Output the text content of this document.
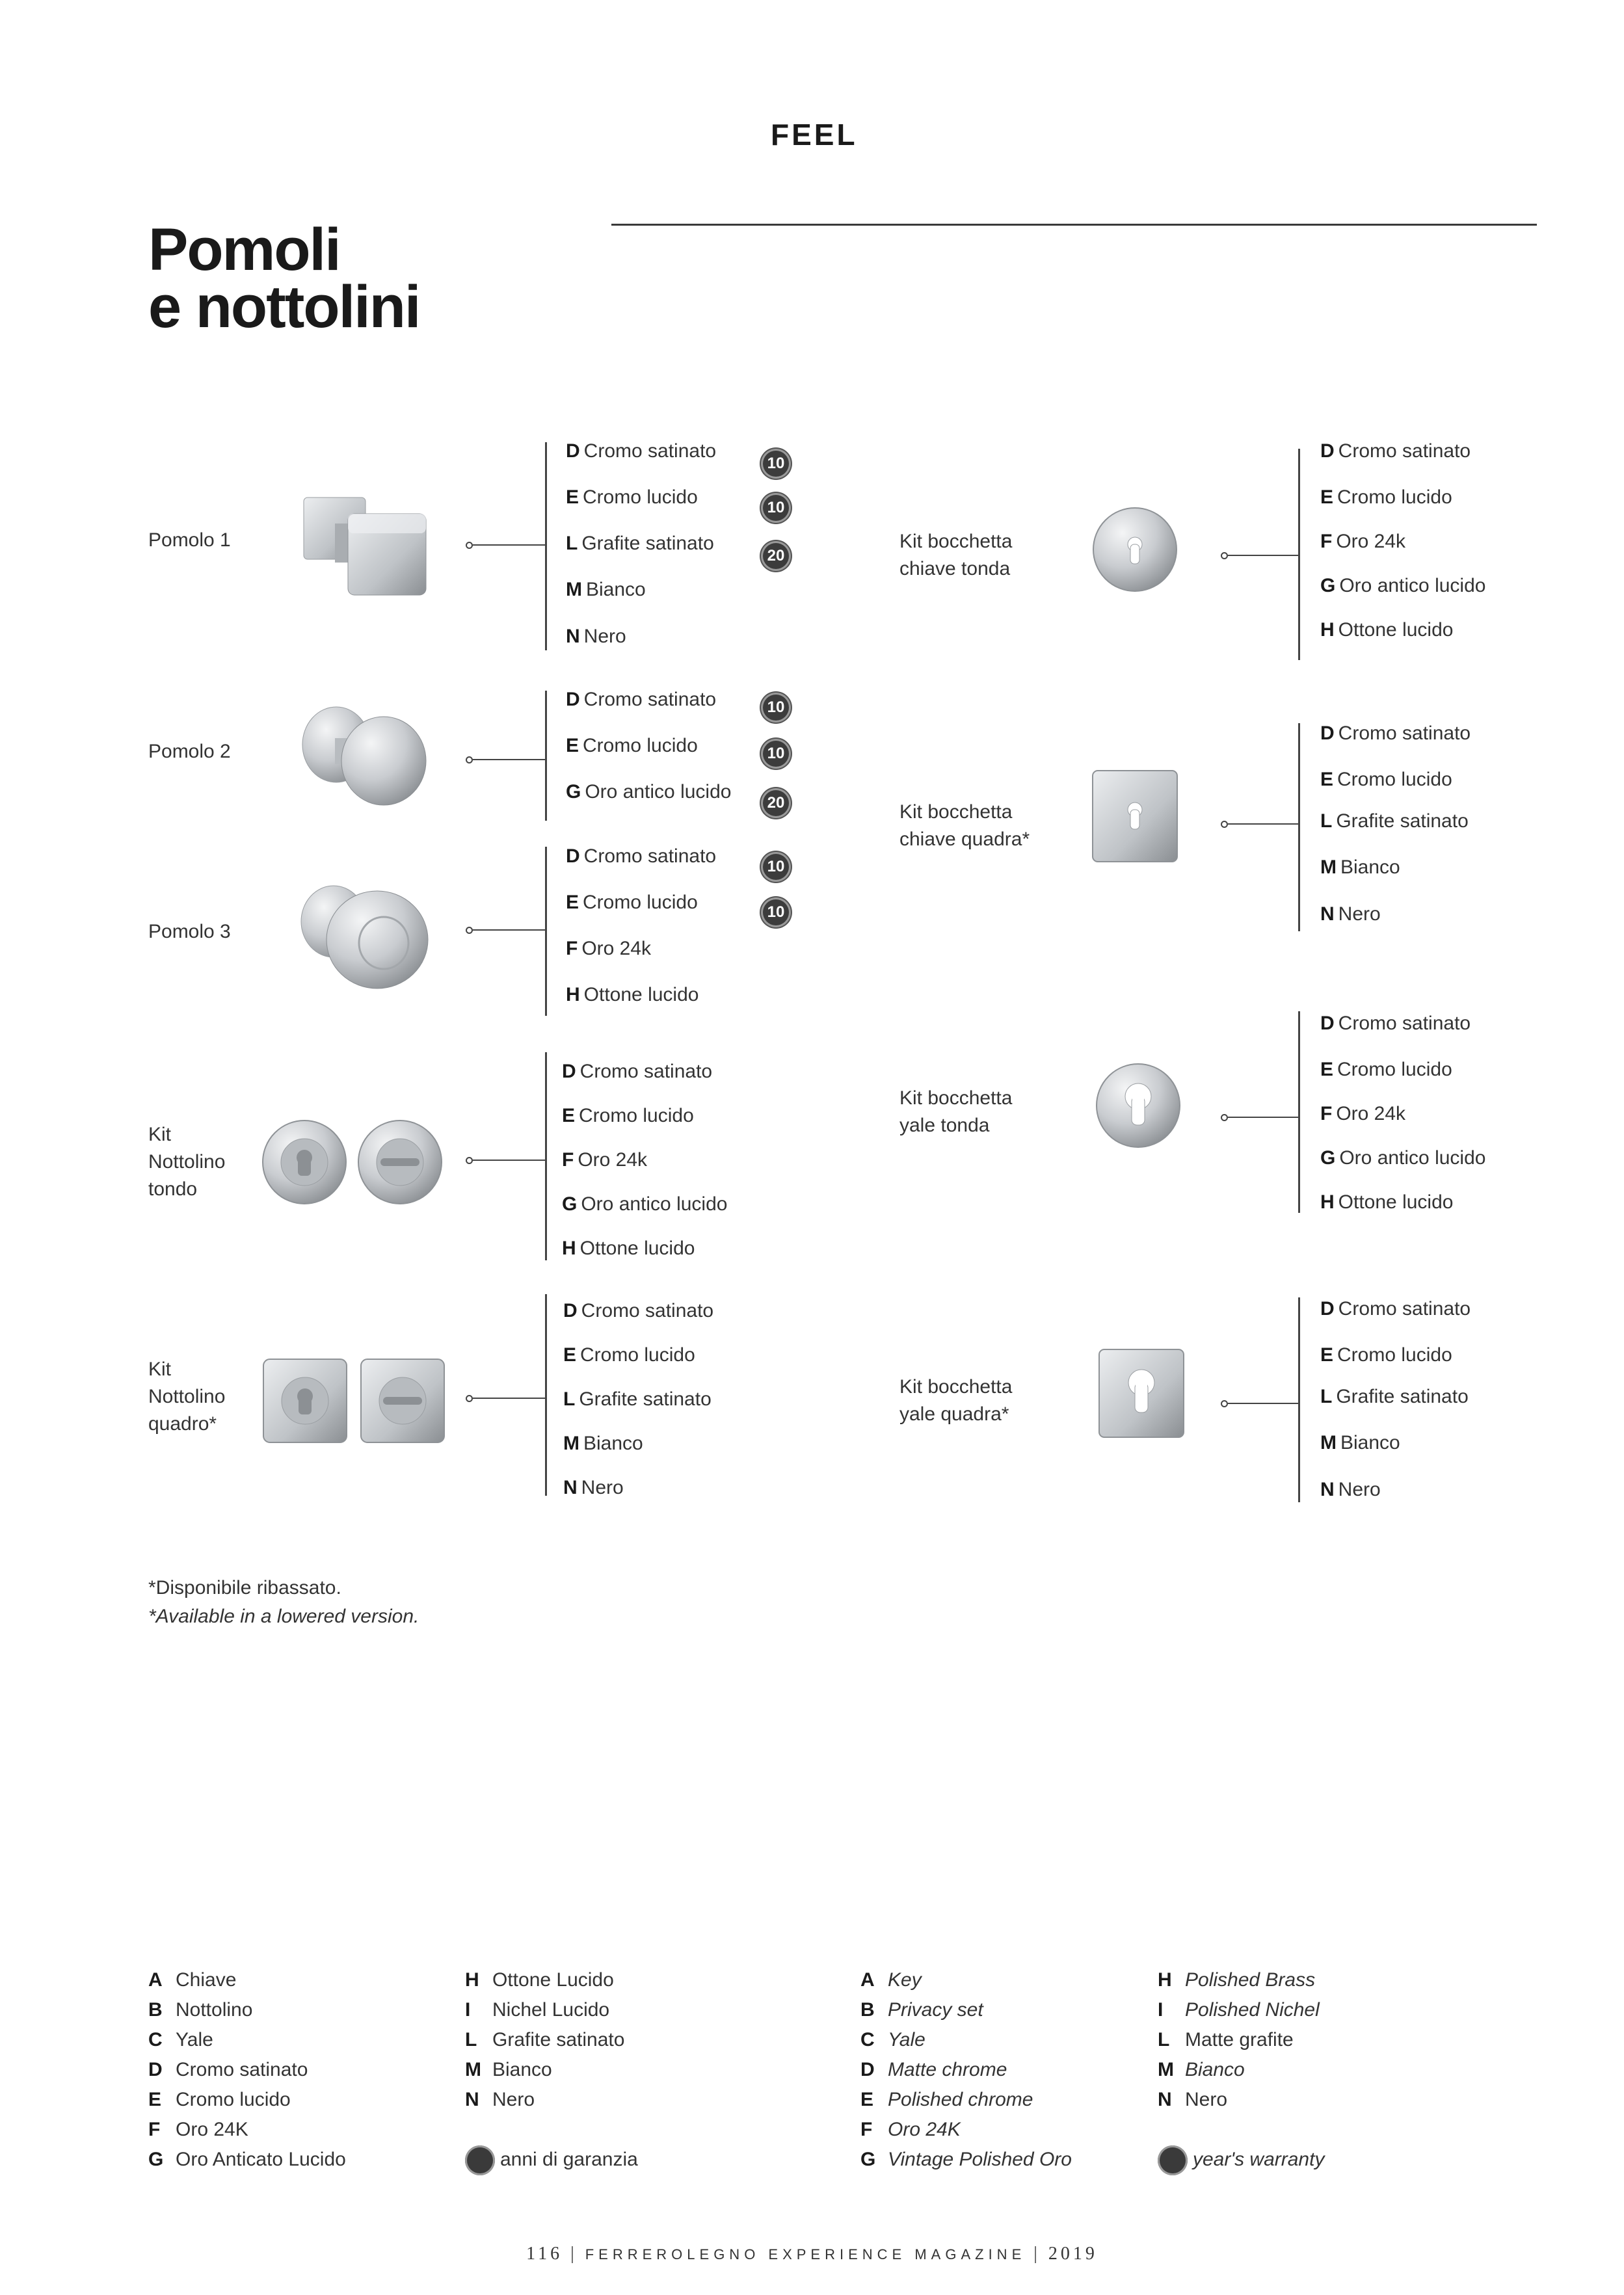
FEEL
Pomoli
e nottolini
Pomolo 1
D Cromo satinato
E Cromo lucido
L Grafite satinato
M Bianco
N Nero
10
10
20
Pomolo 2
D Cromo satinato
E Cromo lucido
G Oro antico lucido
10
10
20
Pomolo 3
D Cromo satinato
E Cromo lucido
F Oro 24k
H Ottone lucido
10
10
Kit
Nottolino
tondo
D Cromo satinato
E Cromo lucido
F Oro 24k
G Oro antico lucido
H Ottone lucido
Kit
Nottolino
quadro*
D Cromo satinato
E Cromo lucido
L Grafite satinato
M Bianco
N Nero
Kit bocchetta
chiave tonda
D Cromo satinato
E Cromo lucido
F Oro 24k
G Oro antico lucido
H Ottone lucido
Kit bocchetta
chiave quadra*
D Cromo satinato
E Cromo lucido
L Grafite satinato
M Bianco
N Nero
Kit bocchetta
yale tonda
D Cromo satinato
E Cromo lucido
F Oro 24k
G Oro antico lucido
H Ottone lucido
Kit bocchetta
yale quadra*
D Cromo satinato
E Cromo lucido
L Grafite satinato
M Bianco
N Nero
*Disponibile ribassato.
*Available in a lowered version.
A Chiave
B Nottolino
C Yale
D Cromo satinato
E Cromo lucido
F Oro 24K
G Oro Anticato Lucido
H Ottone Lucido
I Nichel Lucido
L Grafite satinato
M Bianco
N Nero
anni di garanzia
A Key
B Privacy set
C Yale
D Matte chrome
E Polished chrome
F Oro 24K
G Vintage Polished Oro
H Polished Brass
I Polished Nichel
L Matte grafite
M Bianco
N Nero
year's warranty
116 | FERREROLEGNO EXPERIENCE MAGAZINE | 2019
